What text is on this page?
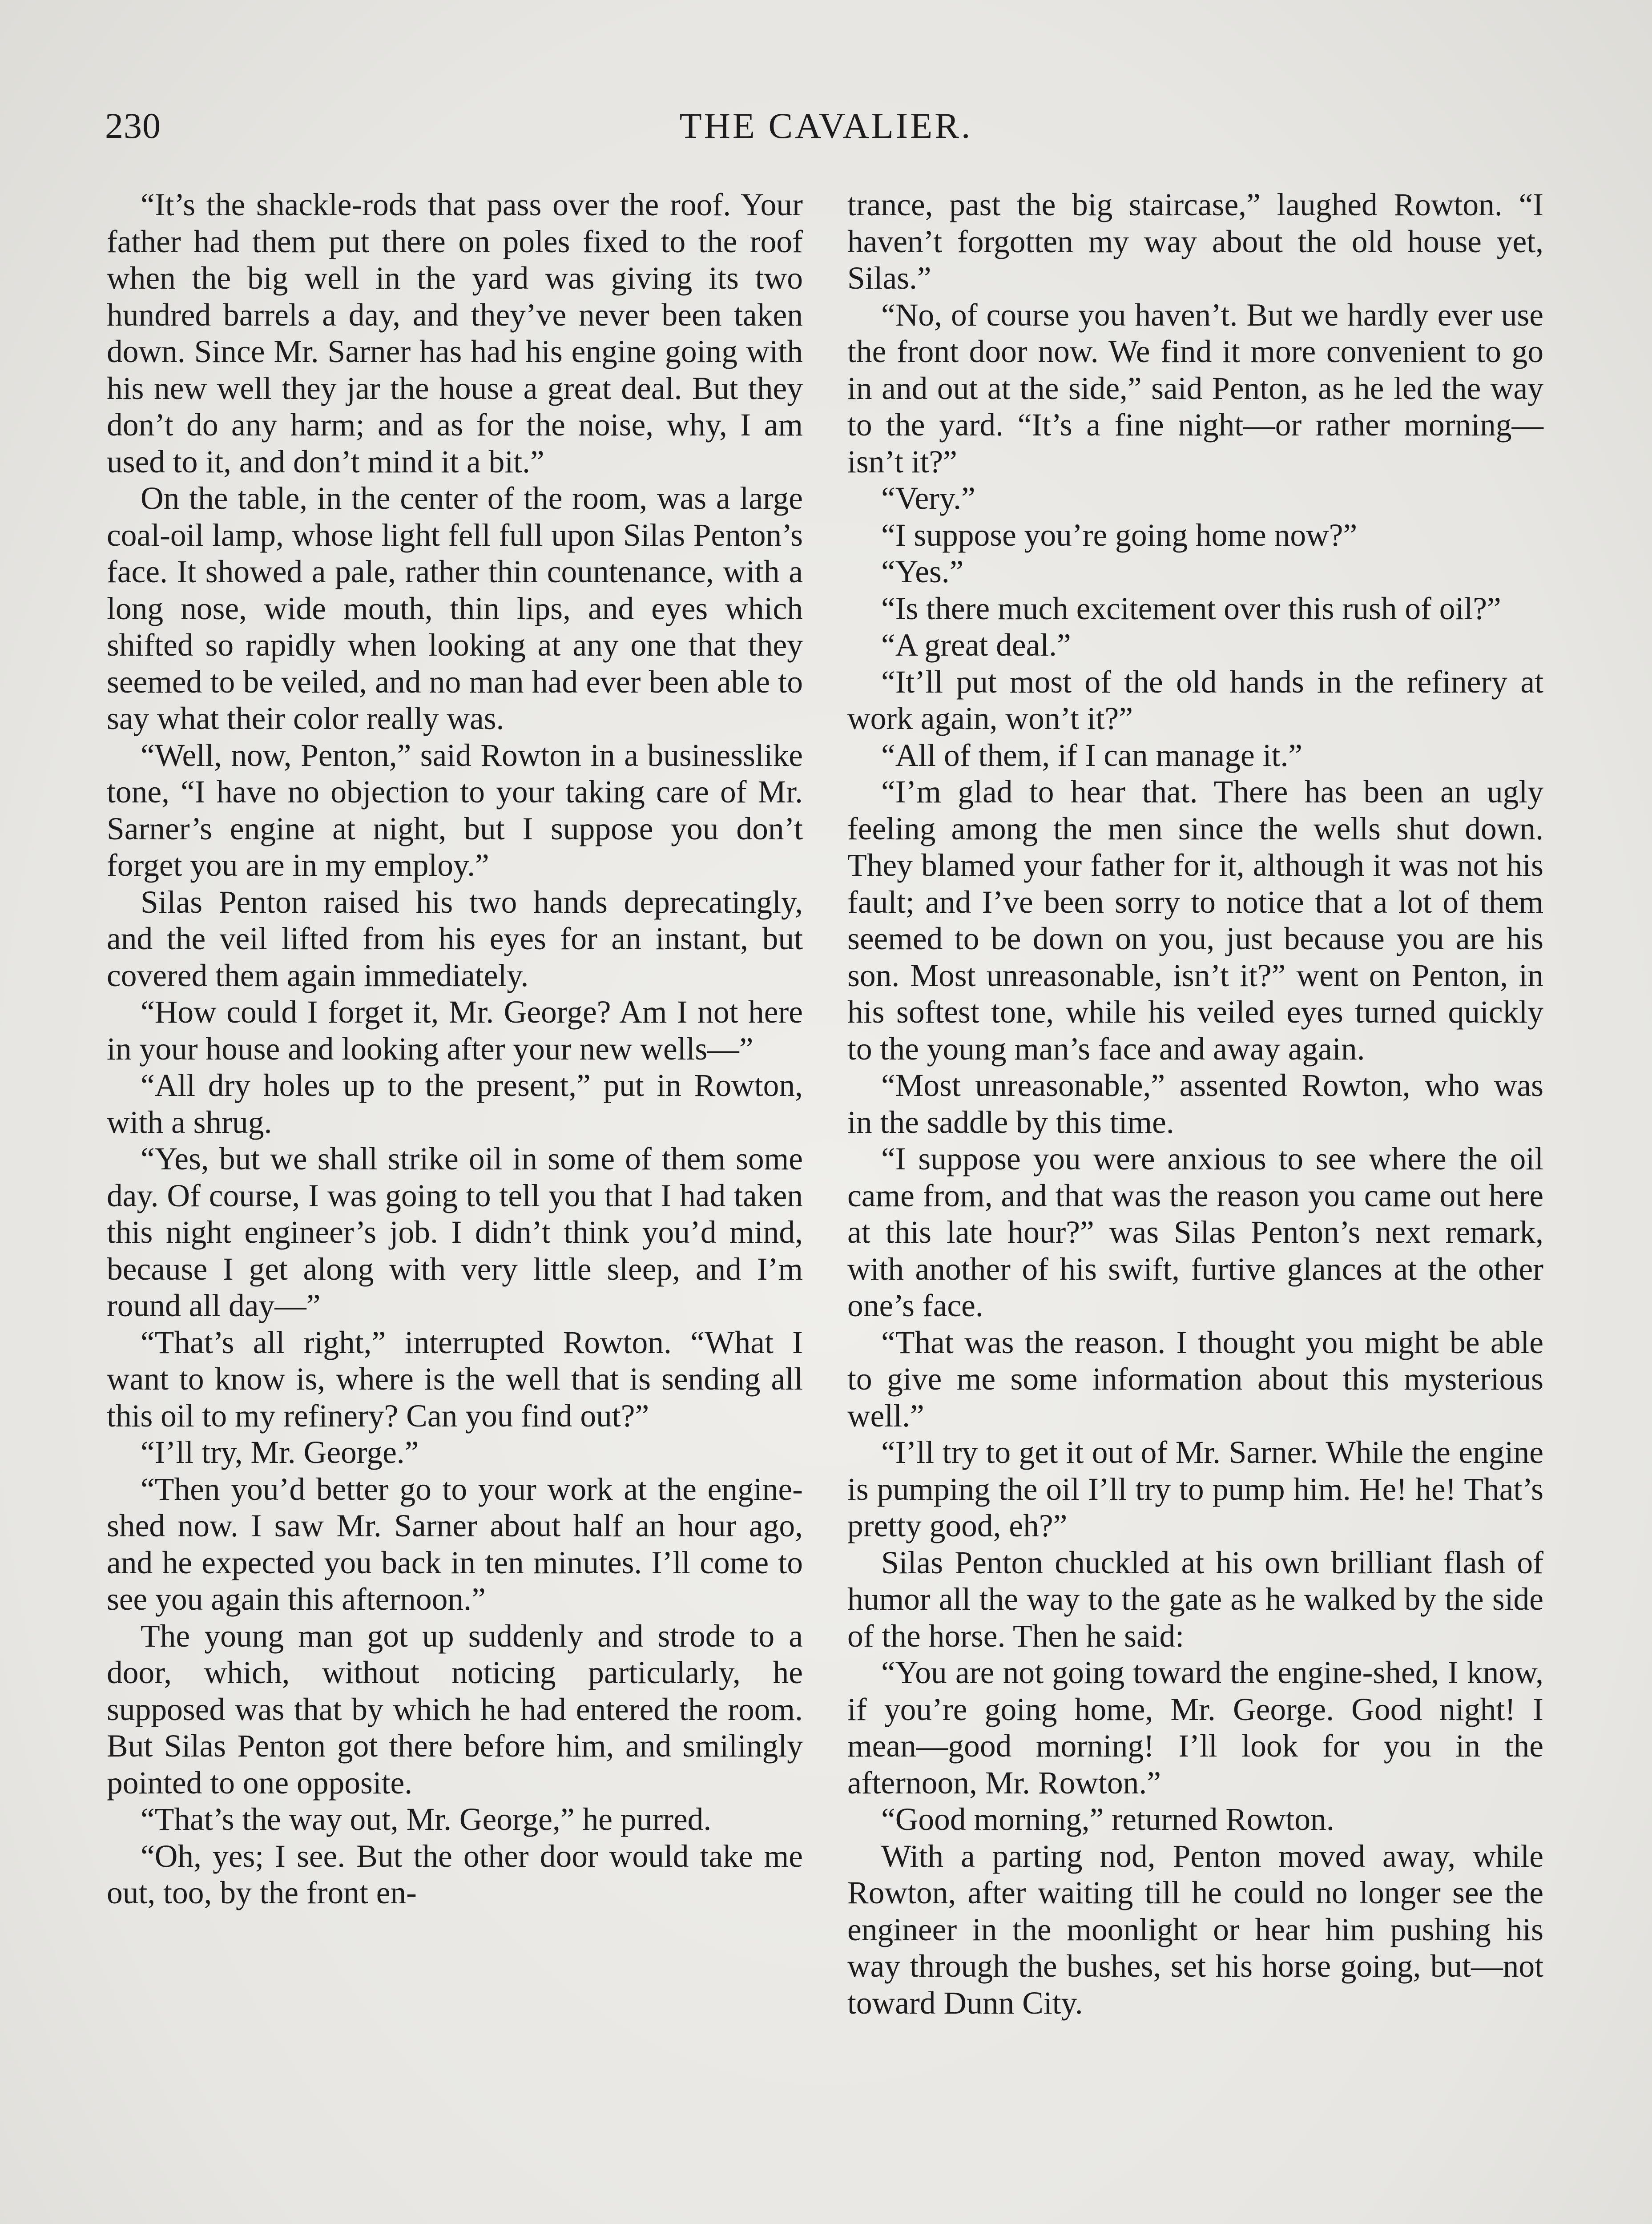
230	THE CAVALIER.

“It’s the shackle-rods that pass over the roof. Your father had them put there on poles fixed to the roof when the big well in the yard was giving its two hundred barrels a day, and they’ve never been taken down. Since Mr. Sarner has had his engine going with his new well they jar the house a great deal. But they don’t do any harm; and as for the noise, why, I am used to it, and don’t mind it a bit.”

On the table, in the center of the room, was a large coal-oil lamp, whose light fell full upon Silas Penton’s face. It showed a pale, rather thin countenance, with a long nose, wide mouth, thin lips, and eyes which shifted so rapidly when looking at any one that they seemed to be veiled, and no man had ever been able to say what their color really was.

“Well, now, Penton,” said Rowton in a businesslike tone, “I have no objection to your taking care of Mr. Sarner’s engine at night, but I suppose you don’t forget you are in my employ.”

Silas Penton raised his two hands deprecatingly, and the veil lifted from his eyes for an instant, but covered them again immediately.

“How could I forget it, Mr. George? Am I not here in your house and looking after your new wells—”

“All dry holes up to the present,” put in Rowton, with a shrug.

“Yes, but we shall strike oil in some of them some day. Of course, I was going to tell you that I had taken this night engineer’s job. I didn’t think you’d mind, because I get along with very little sleep, and I’m round all day—”

“That’s all right,” interrupted Rowton. “What I want to know is, where is the well that is sending all this oil to my refinery? Can you find out?”

“I’ll try, Mr. George.”

“Then you’d better go to your work at the engine-shed now. I saw Mr. Sarner about half an hour ago, and he expected you back in ten minutes. I’ll come to see you again this afternoon.”

The young man got up suddenly and strode to a door, which, without noticing particularly, he supposed was that by which he had entered the room. But Silas Penton got there before him, and smilingly pointed to one opposite.

“That’s the way out, Mr. George,” he purred.

“Oh, yes; I see. But the other door would take me out, too, by the front en-

trance, past the big staircase,” laughed Rowton. “I haven’t forgotten my way about the old house yet, Silas.”

“No, of course you haven’t. But we hardly ever use the front door now. We find it more convenient to go in and out at the side,” said Penton, as he led the way to the yard. “It’s a fine night—or rather morning—isn’t it?”

“Very.”

“I suppose you’re going home now?”

“Yes.”

“Is there much excitement over this rush of oil?”

“A great deal.”

“It’ll put most of the old hands in the refinery at work again, won’t it?”

“All of them, if I can manage it.”

“I’m glad to hear that. There has been an ugly feeling among the men since the wells shut down. They blamed your father for it, although it was not his fault; and I’ve been sorry to notice that a lot of them seemed to be down on you, just because you are his son. Most unreasonable, isn’t it?” went on Penton, in his softest tone, while his veiled eyes turned quickly to the young man’s face and away again.

“Most unreasonable,” assented Rowton, who was in the saddle by this time.

“I suppose you were anxious to see where the oil came from, and that was the reason you came out here at this late hour?” was Silas Penton’s next remark, with another of his swift, furtive glances at the other one’s face.

“That was the reason. I thought you might be able to give me some information about this mysterious well.”

“I’ll try to get it out of Mr. Sarner. While the engine is pumping the oil I’ll try to pump him. He! he! That’s pretty good, eh?”

Silas Penton chuckled at his own brilliant flash of humor all the way to the gate as he walked by the side of the horse. Then he said:

“You are not going toward the engine-shed, I know, if you’re going home, Mr. George. Good night! I mean—good morning! I’ll look for you in the afternoon, Mr. Rowton.”

“Good morning,” returned Rowton.

With a parting nod, Penton moved away, while Rowton, after waiting till he could no longer see the engineer in the moonlight or hear him pushing his way through the bushes, set his horse going, but—not toward Dunn City.
